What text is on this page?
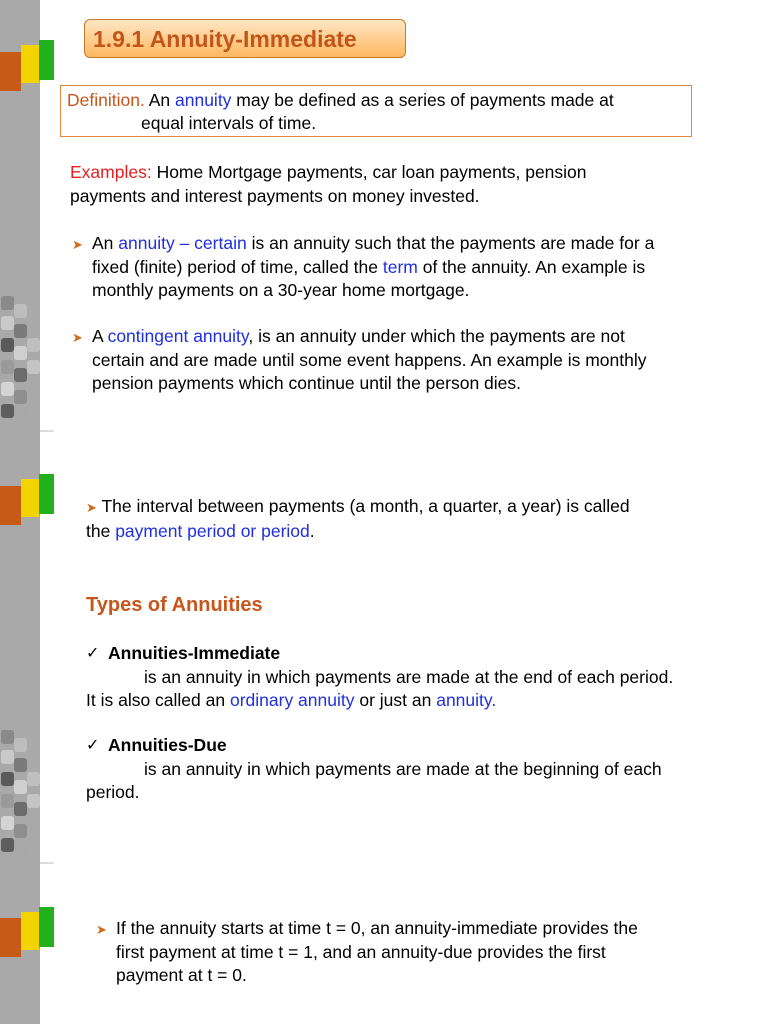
1.9.1 Annuity-Immediate
Definition. An annuity may be defined as a series of payments made at
equal intervals of time.
Examples: Home Mortgage payments, car loan payments, pension
payments and interest payments on money invested.
➤ An annuity – certain is an annuity such that the payments are made for a
fixed (finite) period of time, called the term of the annuity. An example is
monthly payments on a 30-year home mortgage.
➤ A contingent annuity, is an annuity under which the payments are not
certain and are made until some event happens. An example is monthly
pension payments which continue until the person dies.
➤ The interval between payments (a month, a quarter, a year) is called
the payment period or period.
Types of Annuities
✓ Annuities-Immediate
is an annuity in which payments are made at the end of each period.
It is also called an ordinary annuity or just an annuity.
✓ Annuities-Due
is an annuity in which payments are made at the beginning of each
period.
➤ If the annuity starts at time t = 0, an annuity-immediate provides the
first payment at time t = 1, and an annuity-due provides the first
payment at t = 0.
